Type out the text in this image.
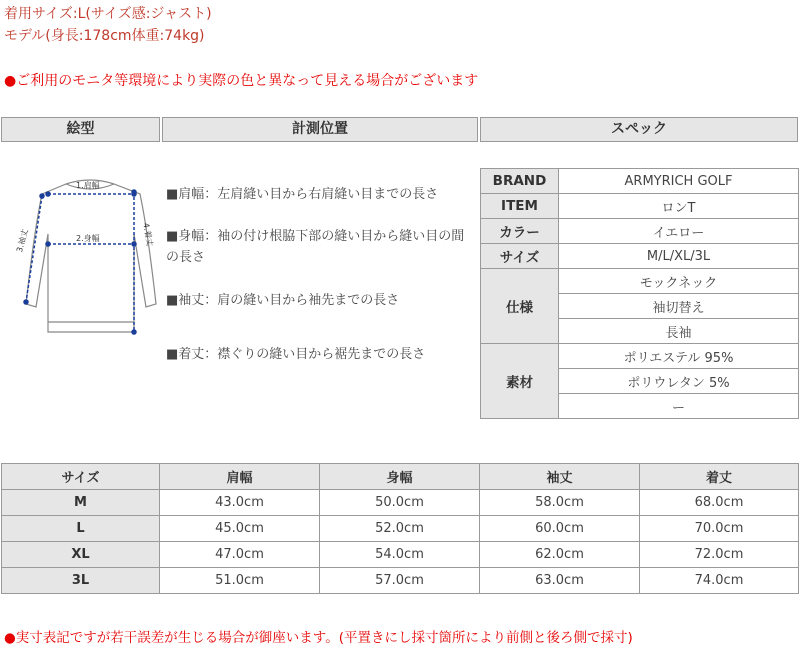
着用サイズ:L(サイズ感:ジャスト)
モデル(身長:178cm体重:74kg)
●ご利用のモニタ等環境により実際の色と異なって見える場合がございます
絵型	計測位置	スペック
1.肩幅
2.身幅
3.袖丈	4.着丈
■肩幅：左肩縫い目から右肩縫い目までの長さ
■身幅：袖の付け根脇下部の縫い目から縫い目の間の長さ
■袖丈：肩の縫い目から袖先までの長さ
■着丈：襟ぐりの縫い目から裾先までの長さ
BRAND	ARMYRICH GOLF
ITEM	ロンT
カラー	イエロー
サイズ	M/L/XL/3L
仕様	モックネック
	袖切替え
	長袖
素材	ポリエステル 95%
	ポリウレタン 5%
	ー
サイズ	肩幅	身幅	袖丈	着丈
M	43.0cm	50.0cm	58.0cm	68.0cm
L	45.0cm	52.0cm	60.0cm	70.0cm
XL	47.0cm	54.0cm	62.0cm	72.0cm
3L	51.0cm	57.0cm	63.0cm	74.0cm
●実寸表記ですが若干誤差が生じる場合が御座います。(平置きにし採寸箇所により前側と後ろ側で採寸)
